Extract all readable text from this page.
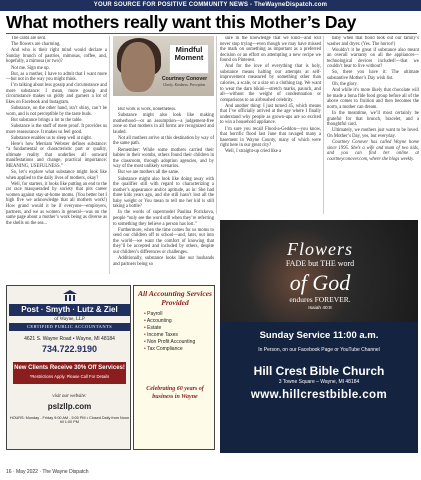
YOUR SOURCE FOR POSITIVE COMMUNITY NEWS - TheWayneDispatch.com
What mothers really want this Mother’s Day

The cards are sent.

The flowers are charming.

And who is their right mind would declare a Sunday brunch of pastries, mimosas, coffee, and, hopefully, a mimosa (or two)?

Not me. Sign me up.

But, as a mother, I have to admit that I want more—but not in the way you might think.

I’m talking about less gossip and circumstance and more substance: I mean, more gossip and circumstance makes us giddy and garners a lot of likes on Facebook and Instagram.

Substance, on the other hand, isn’t shiny, can’t be worn, and is not perceptible by the taste buds.

But substance brings a lot to the table.

Substance is the stuff of mere proof. It provides us more reassurance. It makes us feel good.

Substance enables us to sleep well at night.

Here’s how Merriam Webster defines substance: “a fundamental or characteristic part or quality, ultimate reality that underlies all outward manifestations and change, practical importance: MEANING, USEFULNESS.”

So, let’s explore what substance might look like when applied to the daily lives of mothers, okay?

Well, for starters, it looks like putting an end to the rat race masqueraded by society that pits career women against stay-at-home moms. (You better bet I high five we acknowledge that all mothers work!) How grand would it be if everyone—employers, partners, and we as women in general—was on the same page about a mother’s work being as diverse as the shells on the sea...

Mindful Moment
Courtney Conover
Clarity. Kindness. Perception.

But work is work, nonetheless.

Substance might also look like making motherhood—or an assumption—a judgement-free zone so that mothers in all forms are recognized and lauded.

Not all mothers arrive at this destination by way of the same path.

Remember: While some mothers carried their babies in their wombs, others found their children in the classroom, through adoption agencies, and by way of the most unlikely scenarios.

But we are mothers all the same.

Substance might also look like doing away with the qualifier still with regard to characterizing a mother’s appearance and/or aptitude, as in: She had three kids years ago, and she still hasn’t lost all the baby weight or You mean to tell me her kid is still taking a bottle?

In the words of supermodel Paulina Porizkova, people “only see the word still when they’re referring to something they believe a person has lost.”

Furthermore, when the time comes for us moms to send our children off to school—and, later, out into the world—we want the comfort of knowing that they’ll be accepted and included by others, despite our children’s differences or challenges.

Additionally, substance looks like our husbands and partners being so

sure in the knowledge that we kind—and will never stop trying—even though we may have missed the mark on something as important as a preferred decision or an effort on attempting a new recipe we found on Pinterest.

And for the love of everything that is holy, substance means halting our attempts at self-improvement measured by something other than calories, a scale, or a size on a clothing tag. We want to wear the darn bikini—stretch marks, paunch, and all—without the weight of condemnation or comparisons to an airbrushed celebrity.

And another thing: I just turned 45, which means that I’ve officially arrived at the age where I finally understand why people as grown-ups are so excited to win a household appliance.

I’m sure you recall Flood-a-Geddon—you know, that horrific flood last June that ravaged many a basement in Wayne County, many of which were right here in our great city?

Well, I straight-up cried like a

baby when that flood took out our family’s washer and dryer. (Yes. The horror!)

Wouldn’t it be great if substance also meant an overall warranty on all the appliances—technological devices included!—that we couldn’t bear to live without?

So, there you have it: The ultimate substantive Mother’s Day wish list.

Oh, the glory.

And while it’s more likely that chocolate will be made a bona fide food group before all of the above comes to fruition and then becomes the norm, a mother can dream.

In the meantime, we’ll most certainly be grateful for that brunch, bracelet, and a thoughtful card.

Ultimately, we mothers just want to be loved. On Mother’s Day, yes, but everyday.

Courtney Conover has called Wayne home since 1995. She’s a wife and mum of two kids, and you can find her online at courtneyconover.com, where she blogs weekly.

Post · Smyth · Lutz & Ziel
of Wayne, LLP
CERTIFIED PUBLIC ACCOUNTANTS
4621 S. Wayne Road • Wayne, MI 48184
734.722.9190
New Clients Receive 30% Off Services!
*Restrictions Apply. Please Call For Details
visit our website:
pslzllp.com
HOURS: Monday - Friday 9:00 AM - 5:00 PM • Closed Daily from Noon till 1:00 PM
All Accounting Services Provided
• Payroll
• Accounting
• Estate
• Income Taxes
• Non Profit Accounting
• Tax Compliance
Celebrating 60 years of business in Wayne
Flowers
FADE but THE word
of God
endures FOREVER.
Isaiah 40:8
Sunday Service 11:00 a.m.
In Person, on our Facebook Page or YouTube Channel
Hill Crest Bible Church
3 Towne Square – Wayne, MI 48184
www.hillcrestbible.com
16 · May 2022 · The Wayne Dispatch
